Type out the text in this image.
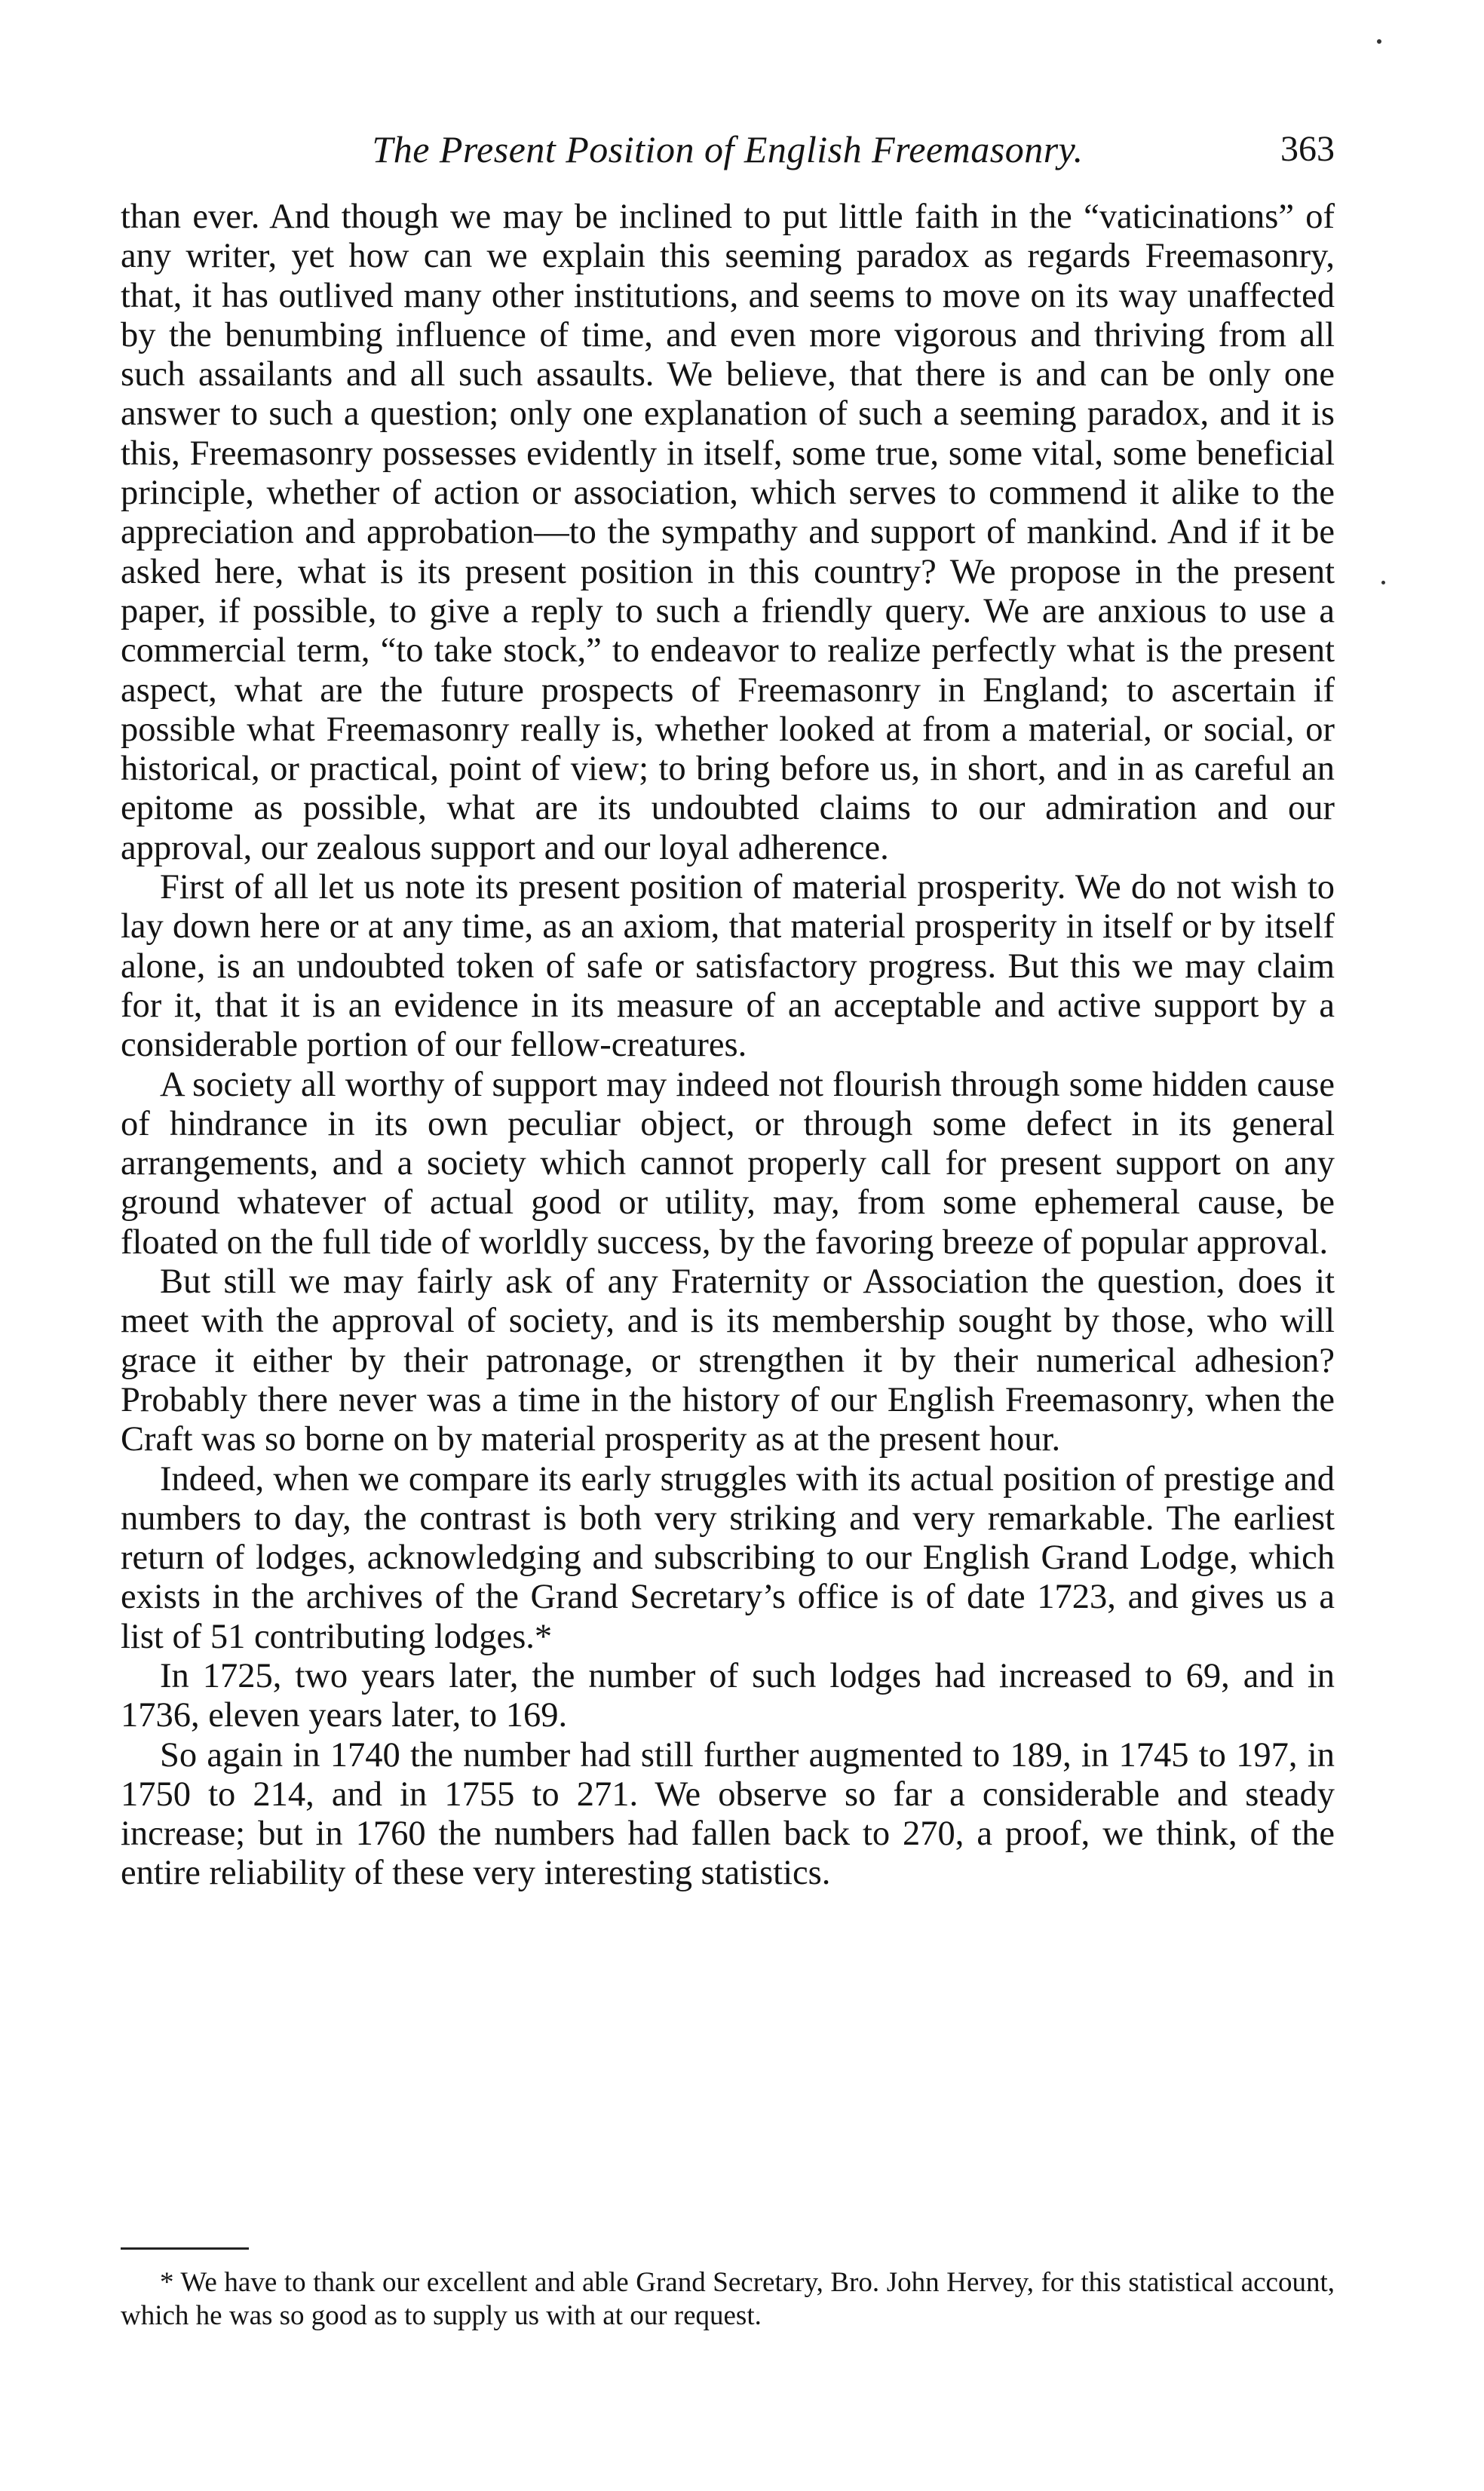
The Present Position of English Freemasonry.	363

than ever. And though we may be inclined to put little faith in the “vaticinations” of any writer, yet how can we explain this seeming paradox as regards Freemasonry, that, it has outlived many other institutions, and seems to move on its way unaffected by the benumbing influence of time, and even more vigorous and thriving from all such assailants and all such assaults. We believe, that there is and can be only one answer to such a question; only one explanation of such a seeming paradox, and it is this, Freemasonry possesses evidently in itself, some true, some vital, some beneficial principle, whether of action or association, which serves to commend it alike to the appreciation and approbation—to the sympathy and support of mankind. And if it be asked here, what is its present position in this country? We propose in the present paper, if possible, to give a reply to such a friendly query. We are anxious to use a commercial term, “to take stock,” to endeavor to realize perfectly what is the present aspect, what are the future prospects of Freemasonry in England; to ascertain if possible what Freemasonry really is, whether looked at from a material, or social, or historical, or practical, point of view; to bring before us, in short, and in as careful an epitome as possible, what are its undoubted claims to our admiration and our approval, our zealous support and our loyal adherence.

First of all let us note its present position of material prosperity. We do not wish to lay down here or at any time, as an axiom, that material prosperity in itself or by itself alone, is an undoubted token of safe or satisfactory progress. But this we may claim for it, that it is an evidence in its measure of an acceptable and active support by a considerable portion of our fellow-creatures.

A society all worthy of support may indeed not flourish through some hidden cause of hindrance in its own peculiar object, or through some defect in its general arrangements, and a society which cannot properly call for present support on any ground whatever of actual good or utility, may, from some ephemeral cause, be floated on the full tide of worldly success, by the favoring breeze of popular approval.

But still we may fairly ask of any Fraternity or Association the question, does it meet with the approval of society, and is its membership sought by those, who will grace it either by their patronage, or strengthen it by their numerical adhesion? Probably there never was a time in the history of our English Freemasonry, when the Craft was so borne on by material prosperity as at the present hour.

Indeed, when we compare its early struggles with its actual position of prestige and numbers to day, the contrast is both very striking and very remarkable. The earliest return of lodges, acknowledging and subscribing to our English Grand Lodge, which exists in the archives of the Grand Secretary’s office is of date 1723, and gives us a list of 51 contributing lodges.*

In 1725, two years later, the number of such lodges had increased to 69, and in 1736, eleven years later, to 169.

So again in 1740 the number had still further augmented to 189, in 1745 to 197, in 1750 to 214, and in 1755 to 271. We observe so far a considerable and steady increase; but in 1760 the numbers had fallen back to 270, a proof, we think, of the entire reliability of these very interesting statistics.

* We have to thank our excellent and able Grand Secretary, Bro. John Hervey, for this statistical account, which he was so good as to supply us with at our request.
